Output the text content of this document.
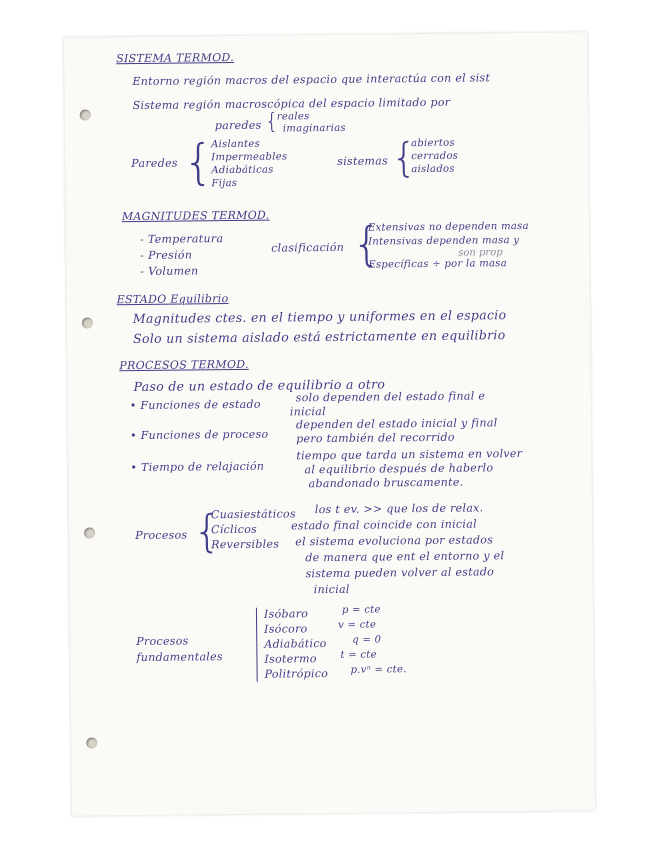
SISTEMA TERMOD.
Entorno región macros del espacio que interactúa con el sist
Sistema región macroscópica del espacio limitado por
paredes {
reales
imaginarias
Paredes {
Aislantes
Impermeables
Adiabáticas
Fijas
sistemas {
abiertos
cerrados
aislados
MAGNITUDES TERMOD.
- Temperatura
- Presión
- Volumen
clasificación {
Extensivas no dependen masa
Intensivas dependen masa y
son prop
Específicas ÷ por la masa
ESTADO Equilibrio
Magnitudes ctes. en el tiempo y uniformes en el espacio
Solo un sistema aislado está estrictamente en equilibrio
PROCESOS TERMOD.
Paso de un estado de equilibrio a otro
• Funciones de estado
solo dependen del estado final e
inicial
• Funciones de proceso
dependen del estado inicial y final
pero también del recorrido
• Tiempo de relajación
tiempo que tarda un sistema en volver
al equilibrio después de haberlo
abandonado bruscamente.
Procesos {
Cuasiestáticos
Cíclicos
Reversibles
los t ev. >> que los de relax.
estado final coincide con inicial
el sistema evoluciona por estados
de manera que ent el entorno y el
sistema pueden volver al estado
inicial
Procesos
fundamentales
Isóbaro	p = cte
Isócoro	v = cte
Adiabático	q = 0
Isotermo t = cte
Politrópico p.vⁿ = cte.
